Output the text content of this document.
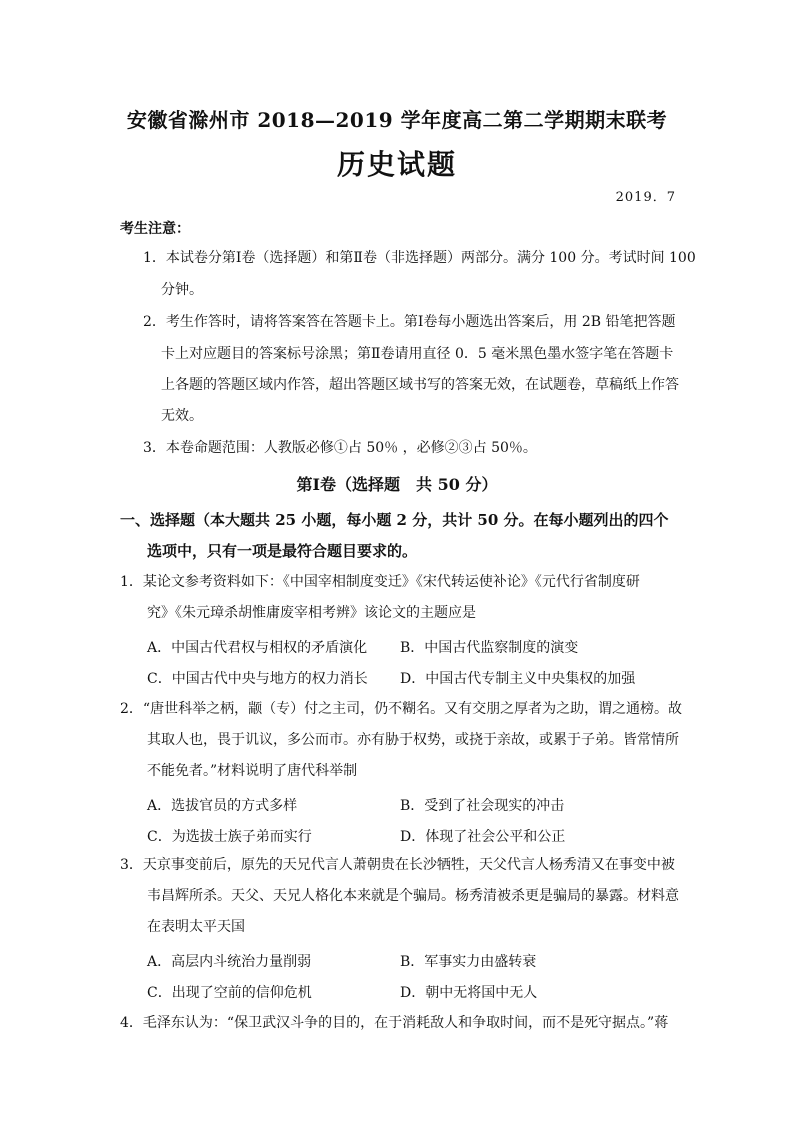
安徽省滁州市 2018—2019 学年度高二第二学期期末联考
历史试题
2019．7
考生注意：
1．本试卷分第Ⅰ卷（选择题）和第Ⅱ卷（非选择题）两部分。满分 100 分。考试时间 100
分钟。
2．考生作答时，请将答案答在答题卡上。第Ⅰ卷每小题选出答案后，用 2B 铅笔把答题
卡上对应题目的答案标号涂黑；第Ⅱ卷请用直径 0．5 毫米黑色墨水签字笔在答题卡
上各题的答题区域内作答，超出答题区域书写的答案无效，在试题卷，草稿纸上作答
无效。
3．本卷命题范围：人教版必修①占 50％ ，必修②③占 50％。
第Ⅰ卷（选择题　共 50 分）
一、选择题（本大题共 25 小题，每小题 2 分，共计 50 分。在每小题列出的四个
选项中，只有一项是最符合题目要求的。
1．某论文参考资料如下：《中国宰相制度变迁》《宋代转运使补论》《元代行省制度研
究》《朱元璋杀胡惟庸废宰相考辨》该论文的主题应是
A．中国古代君权与相权的矛盾演化 B．中国古代监察制度的演变
C．中国古代中央与地方的权力消长 D．中国古代专制主义中央集权的加强
2．“唐世科举之柄，颛（专）付之主司，仍不糊名。又有交朋之厚者为之助，谓之通榜。故
其取人也，畏于讥议，多公而市。亦有胁于权势，或挠于亲故，或累于子弟。皆常情所
不能免者。”材料说明了唐代科举制
A．选拔官员的方式多样	B．受到了社会现实的冲击
C．为选拔士族子弟而实行	D．体现了社会公平和公正
3．天京事变前后，原先的天兄代言人萧朝贵在长沙牺牲，天父代言人杨秀清又在事变中被
韦昌辉所杀。天父、天兄人格化本来就是个骗局。杨秀清被杀更是骗局的暴露。材料意
在表明太平天国
A．高层内斗统治力量削弱	B．军事实力由盛转衰
C．出现了空前的信仰危机	D．朝中无将国中无人
4．毛泽东认为：“保卫武汉斗争的目的，在于消耗敌人和争取时间，而不是死守据点。”蒋
